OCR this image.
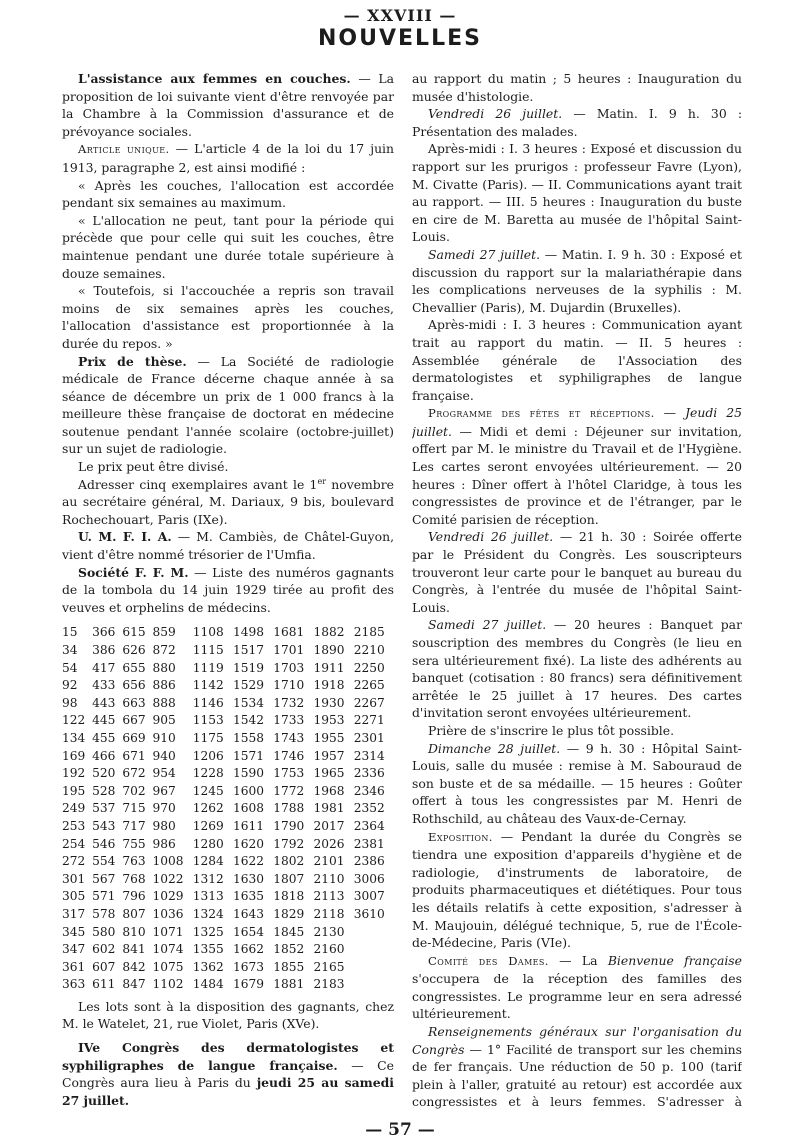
— XXVIII —
NOUVELLES

L'assistance aux femmes en couches. — La proposition de loi suivante vient d'être renvoyée par la Chambre à la Commission d'assurance et de prévoyance sociales.

Article unique. — L'article 4 de la loi du 17 juin 1913, paragraphe 2, est ainsi modifié :

« Après les couches, l'allocation est accordée pendant six semaines au maximum.

« L'allocation ne peut, tant pour la période qui précède que pour celle qui suit les couches, être maintenue pendant une durée totale supérieure à douze semaines.

« Toutefois, si l'accouchée a repris son travail moins de six semaines après les couches, l'allocation d'assistance est proportionnée à la durée du repos. »

Prix de thèse. — La Société de radiologie médicale de France décerne chaque année à sa séance de décembre un prix de 1 000 francs à la meilleure thèse française de doctorat en médecine soutenue pendant l'année scolaire (octobre-juillet) sur un sujet de radiologie.

Le prix peut être divisé.

Adresser cinq exemplaires avant le 1er novembre au secrétaire général, M. Dariaux, 9 bis, boulevard Rochechouart, Paris (IXe).

U. M. F. I. A. — M. Cambiès, de Châtel-Guyon, vient d'être nommé trésorier de l'Umfia.

Société F. F. M. — Liste des numéros gagnants de la tombola du 14 juin 1929 tirée au profit des veuves et orphelins de médecins.

15	366	615	859	1108	1498	1681	1882	2185
34	386	626	872	1115	1517	1701	1890	2210
54	417	655	880	1119	1519	1703	1911	2250
92	433	656	886	1142	1529	1710	1918	2265
98	443	663	888	1146	1534	1732	1930	2267
122	445	667	905	1153	1542	1733	1953	2271
134	455	669	910	1175	1558	1743	1955	2301
169	466	671	940	1206	1571	1746	1957	2314
192	520	672	954	1228	1590	1753	1965	2336
195	528	702	967	1245	1600	1772	1968	2346
249	537	715	970	1262	1608	1788	1981	2352
253	543	717	980	1269	1611	1790	2017	2364
254	546	755	986	1280	1620	1792	2026	2381
272	554	763	1008	1284	1622	1802	2101	2386
301	567	768	1022	1312	1630	1807	2110	3006
305	571	796	1029	1313	1635	1818	2113	3007
317	578	807	1036	1324	1643	1829	2118	3610
345	580	810	1071	1325	1654	1845	2130	
347	602	841	1074	1355	1662	1852	2160	
361	607	842	1075	1362	1673	1855	2165	
363	611	847	1102	1484	1679	1881	2183	

Les lots sont à la disposition des gagnants, chez M. le Watelet, 21, rue Violet, Paris (XVe).

IVe Congrès des dermatologistes et syphiligraphes de langue française. — Ce Congrès aura lieu à Paris du jeudi 25 au samedi 27 juillet.

au rapport du matin ; 5 heures : Inauguration du musée d'histologie.

Vendredi 26 juillet. — Matin. I. 9 h. 30 : Présentation des malades.

Après-midi : I. 3 heures : Exposé et discussion du rapport sur les prurigos : professeur Favre (Lyon), M. Civatte (Paris). — II. Communications ayant trait au rapport. — III. 5 heures : Inauguration du buste en cire de M. Baretta au musée de l'hôpital Saint-Louis.

Samedi 27 juillet. — Matin. I. 9 h. 30 : Exposé et discussion du rapport sur la malariathérapie dans les complications nerveuses de la syphilis : M. Chevallier (Paris), M. Dujardin (Bruxelles).

Après-midi : I. 3 heures : Communication ayant trait au rapport du matin. — II. 5 heures : Assemblée générale de l'Association des dermatologistes et syphiligraphes de langue française.

Programme des fêtes et réceptions. — Jeudi 25 juillet. — Midi et demi : Déjeuner sur invitation, offert par M. le ministre du Travail et de l'Hygiène. Les cartes seront envoyées ultérieurement. — 20 heures : Dîner offert à l'hôtel Claridge, à tous les congressistes de province et de l'étranger, par le Comité parisien de réception.

Vendredi 26 juillet. — 21 h. 30 : Soirée offerte par le Président du Congrès. Les souscripteurs trouveront leur carte pour le banquet au bureau du Congrès, à l'entrée du musée de l'hôpital Saint-Louis.

Samedi 27 juillet. — 20 heures : Banquet par souscription des membres du Congrès (le lieu en sera ultérieurement fixé). La liste des adhérents au banquet (cotisation : 80 francs) sera définitivement arrêtée le 25 juillet à 17 heures. Des cartes d'invitation seront envoyées ultérieurement.

Prière de s'inscrire le plus tôt possible.

Dimanche 28 juillet. — 9 h. 30 : Hôpital Saint-Louis, salle du musée : remise à M. Sabouraud de son buste et de sa médaille. — 15 heures : Goûter offert à tous les congressistes par M. Henri de Rothschild, au château des Vaux-de-Cernay.

Exposition. — Pendant la durée du Congrès se tiendra une exposition d'appareils d'hygiène et de radiologie, d'instruments de laboratoire, de produits pharmaceutiques et diététiques. Pour tous les détails relatifs à cette exposition, s'adresser à M. Maujouin, délégué technique, 5, rue de l'École-de-Médecine, Paris (VIe).

Comité des Dames. — La Bienvenue française s'occupera de la réception des familles des congressistes. Le programme leur en sera adressé ultérieurement.

Renseignements généraux sur l'organisation du Congrès — 1° Facilité de transport sur les chemins de fer français. Une réduction de 50 p. 100 (tarif plein à l'aller, gratuité au retour) est accordée aux congressistes et à leurs femmes. S'adresser à

— 57 —
